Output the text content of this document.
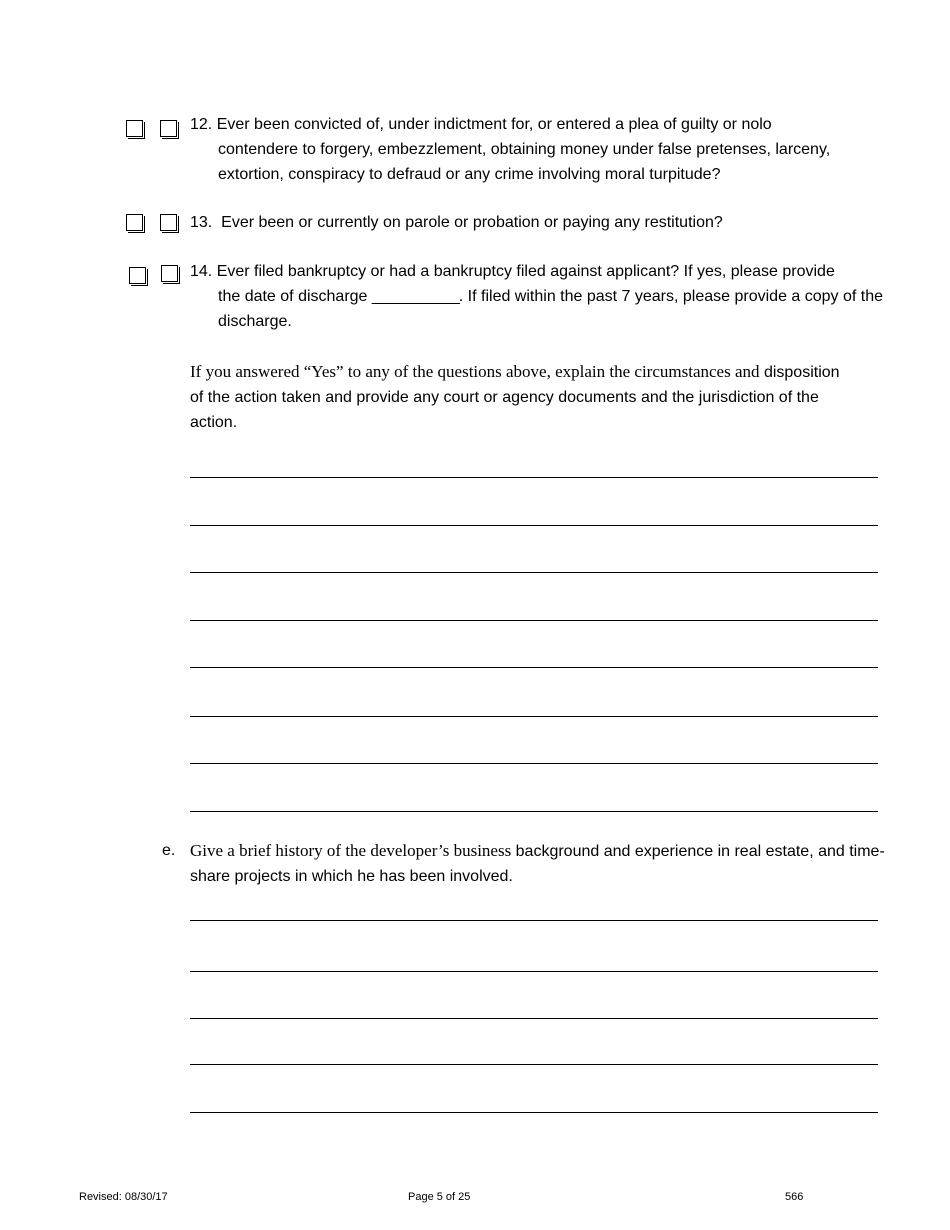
12. Ever been convicted of, under indictment for, or entered a plea of guilty or nolo
contendere to forgery, embezzlement, obtaining money under false pretenses, larceny, extortion, conspiracy to defraud or any crime involving moral turpitude?
13. Ever been or currently on parole or probation or paying any restitution?
14. Ever filed bankruptcy or had a bankruptcy filed against applicant? If yes, please provide
the date of discharge ___________. If filed within the past 7 years, please provide a copy of the discharge.
If you answered “Yes” to any of the questions above, explain the circumstances and disposition of the action taken and provide any court or agency documents and the jurisdiction of the action.
e. Give a brief history of the developer’s business background and experience in real estate, and time-share projects in which he has been involved.
Revised: 08/30/17	Page 5 of 25	566
